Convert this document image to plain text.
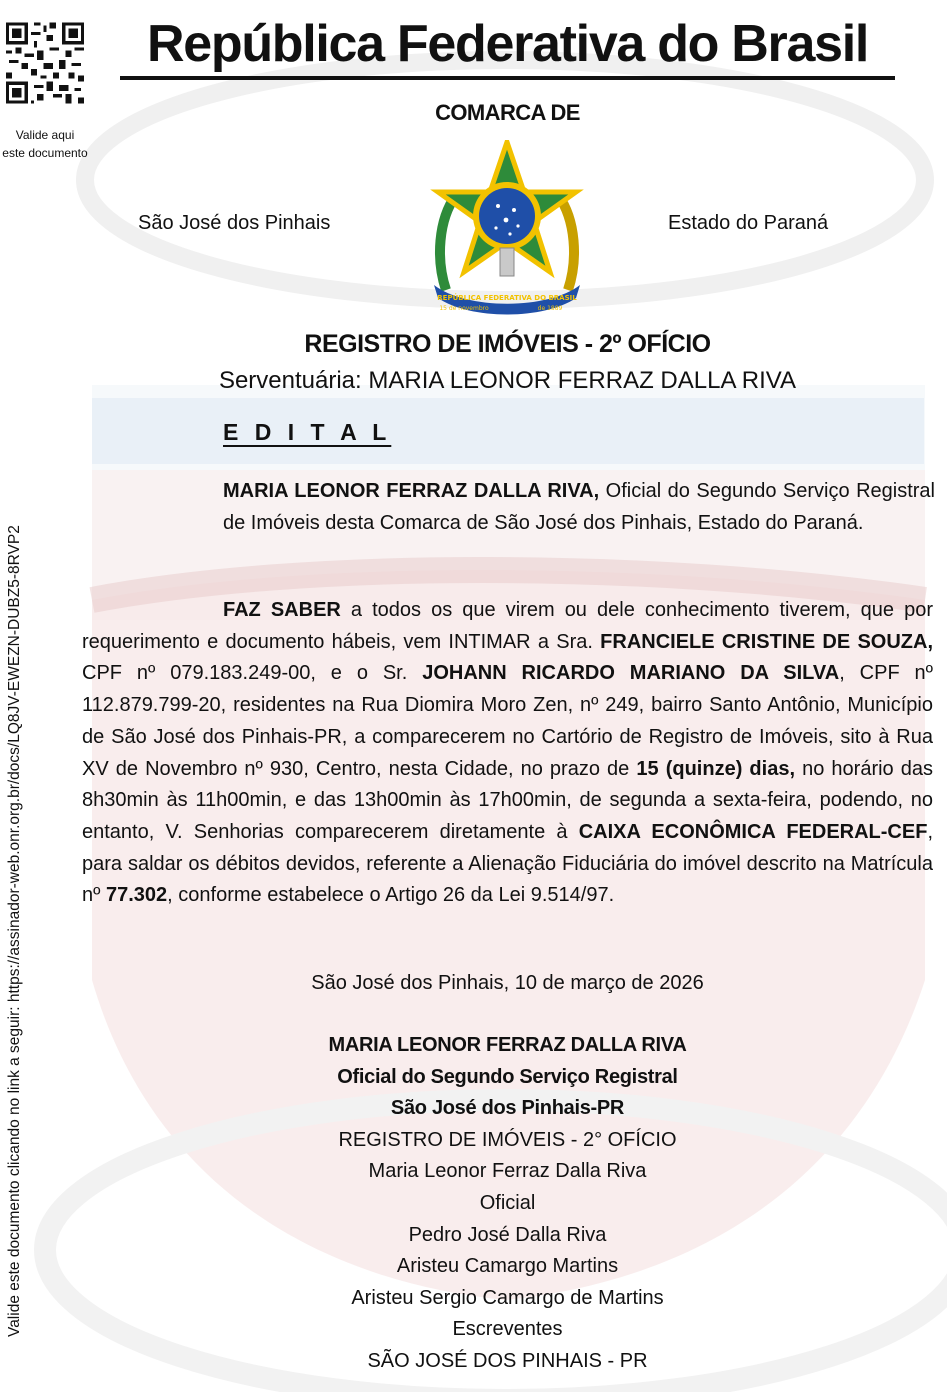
Valide aqui
este documento
Valide este documento clicando no link a seguir: https://assinador-web.onr.org.br/docs/LQ8JV-EWEZN-DUBZ5-8RVP2
República Federativa do Brasil
COMARCA DE
São José dos Pinhais	Estado do Paraná
REPÚBLICA FEDERATIVA DO BRASIL
15 de novembro	de 1889
REGISTRO DE IMÓVEIS - 2º OFÍCIO
Serventuária: MARIA LEONOR FERRAZ DALLA RIVA
E D I T A L
MARIA LEONOR FERRAZ DALLA RIVA, Oficial do Segundo Serviço Registral de Imóveis desta Comarca de São José dos Pinhais, Estado do Paraná.
FAZ SABER a todos os que virem ou dele conhecimento tiverem, que por requerimento e documento hábeis, vem INTIMAR a Sra. FRANCIELE CRISTINE DE SOUZA, CPF nº 079.183.249-00, e o Sr. JOHANN RICARDO MARIANO DA SILVA, CPF nº 112.879.799-20, residentes na Rua Diomira Moro Zen, nº 249, bairro Santo Antônio, Município de São José dos Pinhais-PR, a comparecerem no Cartório de Registro de Imóveis, sito à Rua XV de Novembro nº 930, Centro, nesta Cidade, no prazo de 15 (quinze) dias, no horário das 8h30min às 11h00min, e das 13h00min às 17h00min, de segunda a sexta-feira, podendo, no entanto, V. Senhorias comparecerem diretamente à CAIXA ECONÔMICA FEDERAL-CEF, para saldar os débitos devidos, referente a Alienação Fiduciária do imóvel descrito na Matrícula nº 77.302, conforme estabelece o Artigo 26 da Lei 9.514/97.
São José dos Pinhais, 10 de março de 2026
MARIA LEONOR FERRAZ DALLA RIVA
Oficial do Segundo Serviço Registral
São José dos Pinhais-PR
REGISTRO DE IMÓVEIS - 2° OFÍCIO
Maria Leonor Ferraz Dalla Riva
Oficial
Pedro José Dalla Riva
Aristeu Camargo Martins
Aristeu Sergio Camargo de Martins
Escreventes
SÃO JOSÉ DOS PINHAIS - PR
